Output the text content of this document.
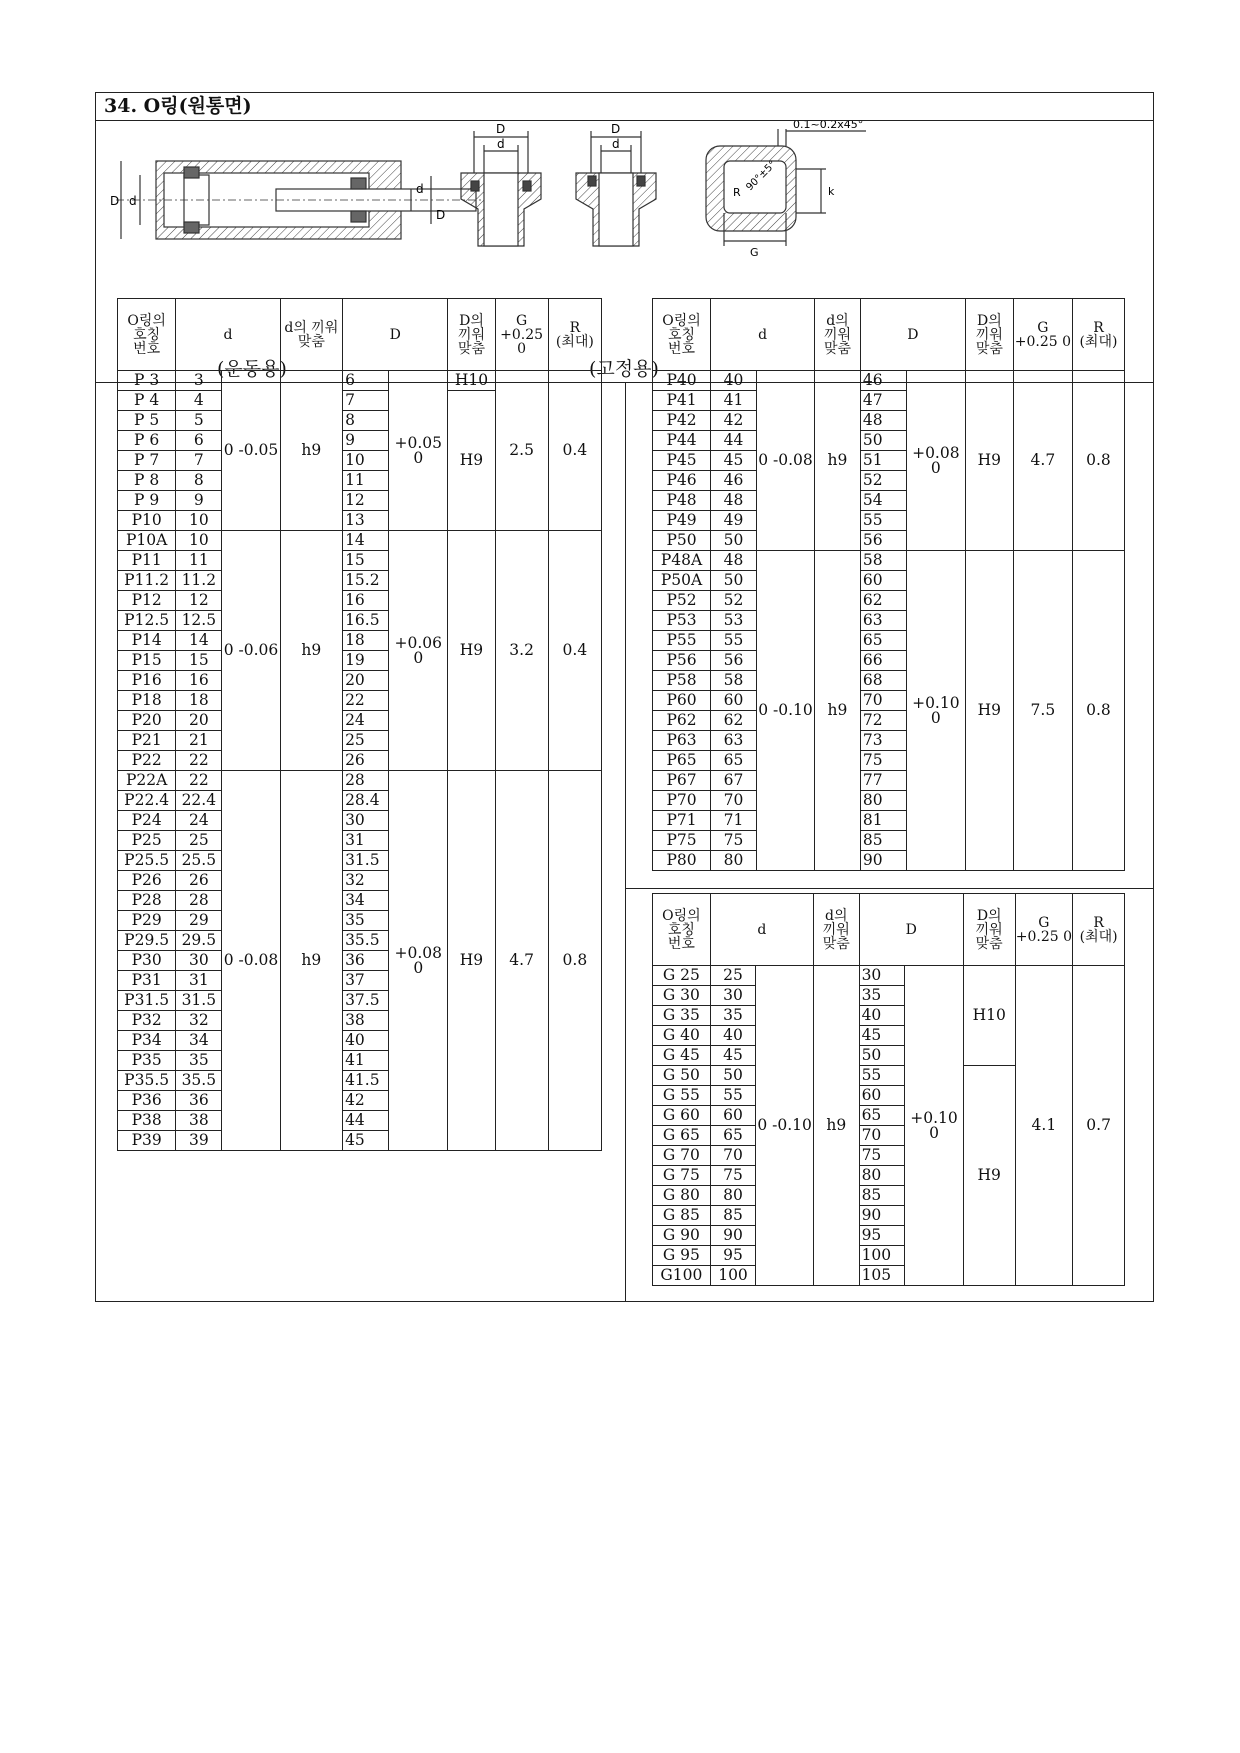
34. O링(원통면)
D d
d
D
D
d
D
d
0.1~0.2x45°
90°±5°
R	k
G
(운동용)	(고정용)
O링의 호칭 번호	d		d의 끼워 맞춤	D		D의 끼워 맞춤	G +0.25 0	R (최대)
P 3	3	0 -0.05	h9	6	+0.05 0	H10	2.5	0.4
P 4	4			7		H9		
P 5	5			8				
P 6	6			9				
P 7	7			10				
P 8	8			11				
P 9	9			12				
P10	10			13				
P10A	10	0 -0.06	h9	14	+0.06 0	H9	3.2	0.4
P11	11			15				
P11.2	11.2			15.2				
P12	12			16				
P12.5	12.5			16.5				
P14	14			18				
P15	15			19				
P16	16			20				
P18	18			22				
P20	20			24				
P21	21			25				
P22	22			26				
P22A	22	0 -0.08	h9	28	+0.08 0	H9	4.7	0.8
P22.4	22.4			28.4				
P24	24			30				
P25	25			31				
P25.5	25.5			31.5				
P26	26			32				
P28	28			34				
P29	29			35				
P29.5	29.5			35.5				
P30	30			36				
P31	31			37				
P31.5	31.5			37.5				
P32	32			38				
P34	34			40				
P35	35			41				
P35.5	35.5			41.5				
P36	36			42				
P38	38			44				
P39	39			45				
O링의 호칭 번호	d		d의 끼워 맞춤	D		D의 끼워 맞춤	G +0.25 0	R (최대)
P40	40	0 -0.08	h9	46	+0.08 0	H9	4.7	0.8
P41	41			47				
P42	42			48				
P44	44			50				
P45	45			51				
P46	46			52				
P48	48			54				
P49	49			55				
P50	50			56				
P48A	48	0 -0.10	h9	58	+0.10 0	H9	7.5	0.8
P50A	50			60				
P52	52			62				
P53	53			63				
P55	55			65				
P56	56			66				
P58	58			68				
P60	60			70				
P62	62			72				
P63	63			73				
P65	65			75				
P67	67			77				
P70	70			80				
P71	71			81				
P75	75			85				
P80	80			90				
O링의 호칭 번호	d		d의 끼워 맞춤	D		D의 끼워 맞춤	G +0.25 0	R (최대)
G 25	25	0 -0.10	h9	30	+0.10 0	H10	4.1	0.7
G 30	30			35				
G 35	35			40				
G 40	40			45				
G 45	45			50				
G 50	50			55		H9		
G 55	55			60				
G 60	60			65				
G 65	65			70				
G 70	70			75				
G 75	75			80				
G 80	80			85				
G 85	85			90				
G 90	90			95				
G 95	95			100				
G100	100			105				
